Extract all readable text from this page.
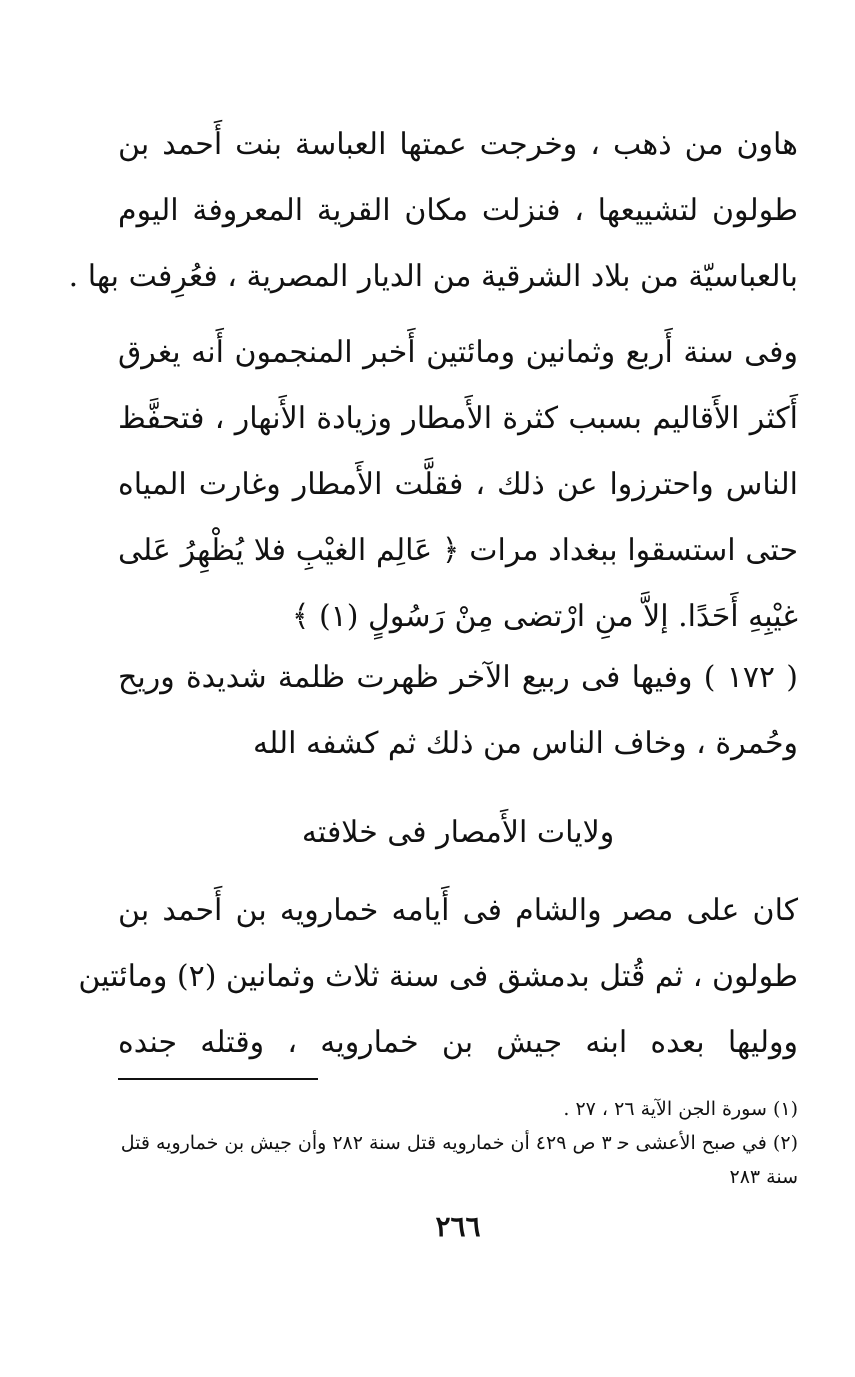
هاون من ذهب ، وخرجت عمتها العباسة بنت أَحمد بن
طولون لتشييعها ، فنزلت مكان القرية المعروفة اليوم
بالعباسيّة من بلاد الشرقية من الديار المصرية ، فعُرِفت بها .
وفى سنة أَربع وثمانين ومائتين أَخبر المنجمون أَنه يغرق
أَكثر الأَقاليم بسبب كثرة الأَمطار وزيادة الأَنهار ، فتحفَّظ
الناس واحترزوا عن ذلك ، فقلَّت الأَمطار وغارت المياه
حتى استسقوا ببغداد مرات ﴿ عَالِم الغيْبِ فلا يُظْهِرُ عَلى
غيْبِهِ أَحَدًا. إلاَّ منِ ارْتضى مِنْ رَسُولٍ (١) ﴾
( ١٧٢ ) وفيها فى ربيع الآخر ظهرت ظلمة شديدة وريح
وحُمرة ، وخاف الناس من ذلك ثم كشفه الله
ولايات الأَمصار فى خلافته
كان على مصر والشام فى أَيامه خمارويه بن أَحمد بن
طولون ، ثم قُتل بدمشق فى سنة ثلاث وثمانين (٢) ومائتين
ووليها بعده ابنه جيش بن خمارويه ، وقتله جنده
(١) سورة الجن الآية ٢٦ ، ٢٧ .
(٢) في صبح الأعشى ﺣ ٣ ص ٤٢٩ أن خمارويه قتل سنة ٢٨٢ وأن جيش بن خمارويه قتل
سنة ٢٨٣
٢٦٦
